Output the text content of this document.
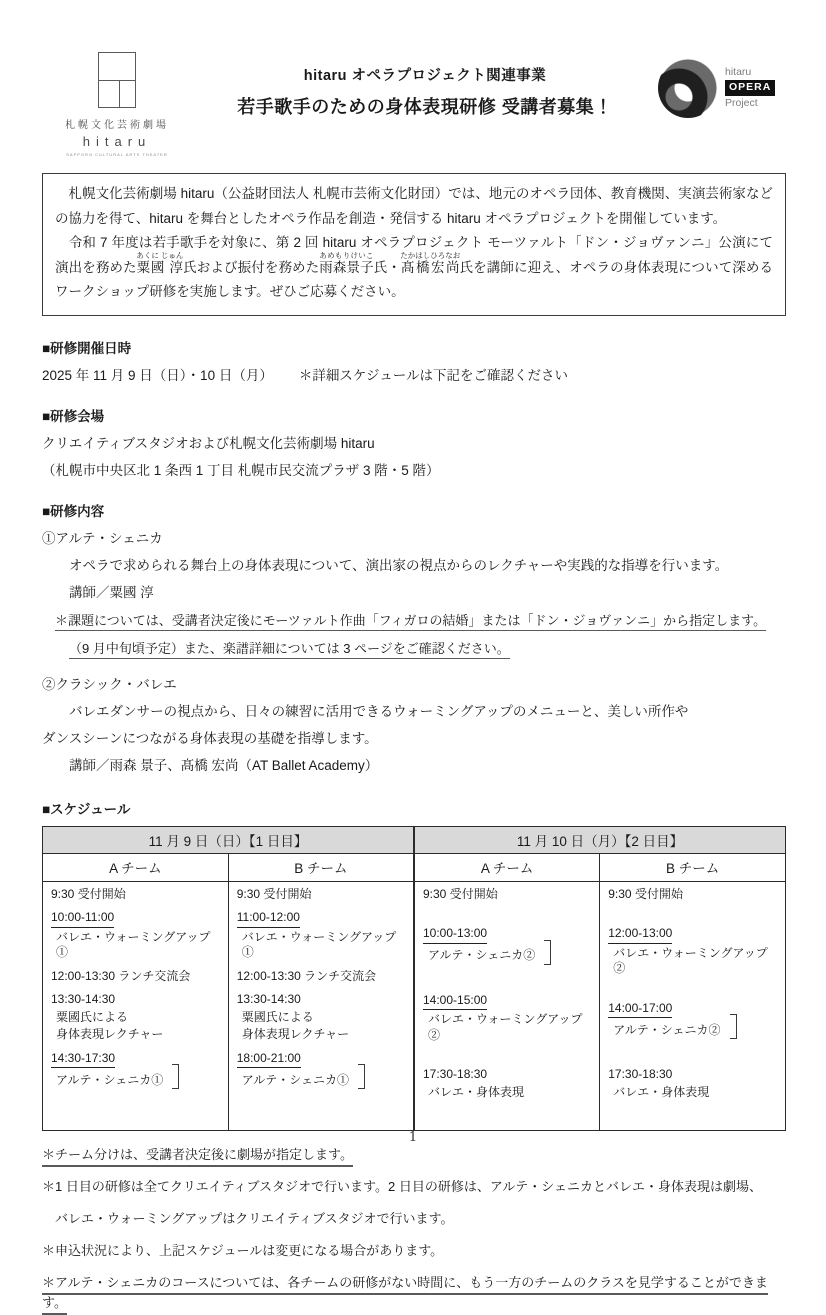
札幌文化芸術劇場
hitaru
SAPPORO CULTURAL ARTS THEATER
hitaru オペラプロジェクト関連事業
若手歌手のための身体表現研修 受講者募集！
hitaru
OPERA
Project

　札幌文化芸術劇場 hitaru（公益財団法人 札幌市芸術文化財団）では、地元のオペラ団体、教育機関、実演芸術家などの協力を得て、hitaru を舞台としたオペラ作品を創造・発信する hitaru オペラプロジェクトを開催しています。

　令和 7 年度は若手歌手を対象に、第 2 回 hitaru オペラプロジェクト モーツァルト「ドン・ジョヴァンニ」公演にて演出を務めた粟國 淳あくに じゅん氏および振付を務めた雨森景子あめもりけいこ氏・髙橋宏尚たかはしひろなお氏を講師に迎え、オペラの身体表現について深めるワークショップ研修を実施します。ぜひご応募ください。

■研修開催日時
2025 年 11 月 9 日（日）・10 日（月） ＊詳細スケジュールは下記をご確認ください
■研修会場
クリエイティブスタジオおよび札幌文化芸術劇場 hitaru
（札幌市中央区北 1 条西 1 丁目 札幌市民交流プラザ 3 階・5 階）
■研修内容
①アルテ・シェニカ
オペラで求められる舞台上の身体表現について、演出家の視点からのレクチャーや実践的な指導を行います。
講師／粟國 淳
＊課題については、受講者決定後にモーツァルト作曲「フィガロの結婚」または「ドン・ジョヴァンニ」から指定します。
（9 月中旬頃予定）また、楽譜詳細については 3 ページをご確認ください。
②クラシック・バレエ
バレエダンサーの視点から、日々の練習に活用できるウォーミングアップのメニューと、美しい所作や
ダンスシーンにつながる身体表現の基礎を指導します。
講師／雨森 景子、髙橋 宏尚（AT Ballet Academy）
■スケジュール
11 月 9 日（日）【1 日目】		11 月 10 日（月）【2 日目】	
A チーム	B チーム	A チーム	B チーム

9:30 受付開始
10:00-11:00
バレエ・ウォーミングアップ①
12:00-13:30 ランチ交流会
13:30-14:30
粟國氏による
身体表現レクチャー
14:30-17:30
アルテ・シェニカ①

9:30 受付開始
11:00-12:00
バレエ・ウォーミングアップ①
12:00-13:30 ランチ交流会
13:30-14:30
粟國氏による
身体表現レクチャー
18:00-21:00
アルテ・シェニカ①

9:30 受付開始
10:00-13:00
アルテ・シェニカ②
14:00-15:00
バレエ・ウォーミングアップ②
17:30-18:30
バレエ・身体表現

9:30 受付開始
12:00-13:00
バレエ・ウォーミングアップ②
14:00-17:00
アルテ・シェニカ②
17:30-18:30
バレエ・身体表現
＊チーム分けは、受講者決定後に劇場が指定します。
＊1 日目の研修は全てクリエイティブスタジオで行います。2 日目の研修は、アルテ・シェニカとバレエ・身体表現は劇場、
バレエ・ウォーミングアップはクリエイティブスタジオで行います。
＊申込状況により、上記スケジュールは変更になる場合があります。
＊アルテ・シェニカのコースについては、各チームの研修がない時間に、もう一方のチームのクラスを見学することができます。
1
